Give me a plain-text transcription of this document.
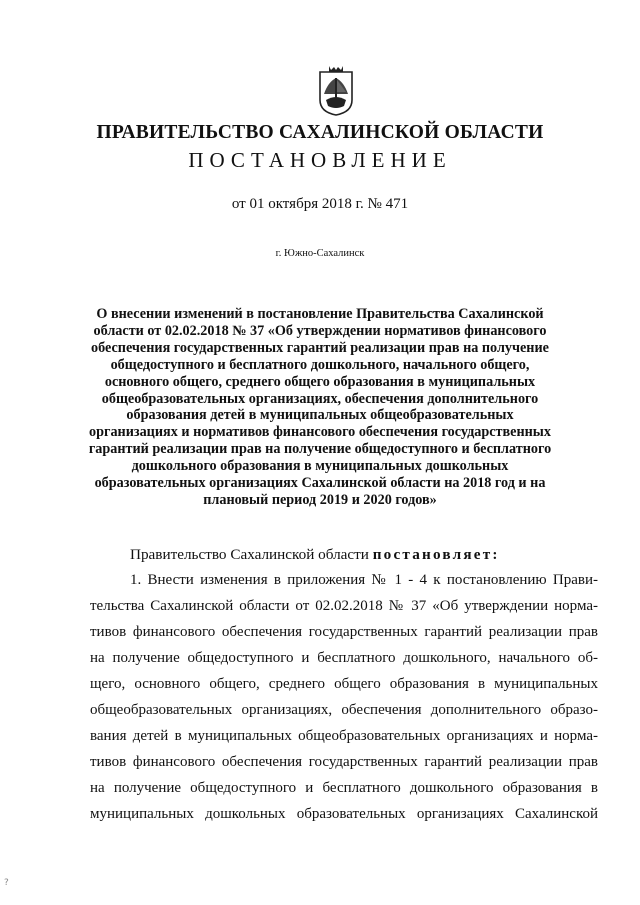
ПРАВИТЕЛЬСТВО САХАЛИНСКОЙ ОБЛАСТИ
ПОСТАНОВЛЕНИЕ
от 01 октября 2018 г. № 471
г. Южно-Сахалинск
О внесении изменений в постановление Правительства Сахалинской
области от 02.02.2018 № 37 «Об утверждении нормативов финансового
обеспечения государственных гарантий реализации прав на получение
общедоступного и бесплатного дошкольного, начального общего,
основного общего, среднего общего образования в муниципальных
общеобразовательных организациях, обеспечения дополнительного
образования детей в муниципальных общеобразовательных
организациях и нормативов финансового обеспечения государственных
гарантий реализации прав на получение общедоступного и бесплатного
дошкольного образования в муниципальных дошкольных
образовательных организациях Сахалинской области на 2018 год и на
плановый период 2019 и 2020 годов»
Правительство Сахалинской области постановляет:
1. Внести изменения в приложения № 1 - 4 к постановлению Прави-
тельства Сахалинской области от 02.02.2018 № 37 «Об утверждении норма-
тивов финансового обеспечения государственных гарантий реализации прав
на получение общедоступного и бесплатного дошкольного, начального об-
щего, основного общего, среднего общего образования в муниципальных
общеобразовательных организациях, обеспечения дополнительного образо-
вания детей в муниципальных общеобразовательных организациях и норма-
тивов финансового обеспечения государственных гарантий реализации прав
на получение общедоступного и бесплатного дошкольного образования в
муниципальных дошкольных образовательных организациях Сахалинской
?
